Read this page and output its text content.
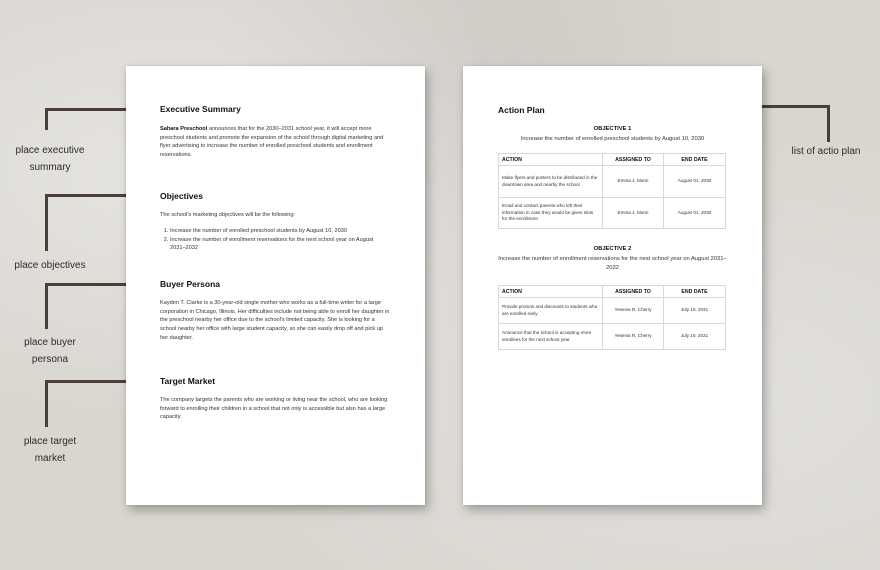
place executive
summary
place objectives
place buyer
persona
place target
market
list of actio plan
Executive Summary
Sahara Preschool announces that for the 2030–2031 school year, it will accept more preschool students and promote the expansion of the school through digital marketing and flyer advertising to increase the number of enrolled preschool students and enrollment reservations.
Objectives
The school's marketing objectives will be the following:
1. Increase the number of enrolled preschool students by August 10, 2030
2. Increase the number of enrollment reservations for the next school year on August 2031–2032
Buyer Persona
Kayden T. Clarke is a 30-year-old single mother who works as a full-time writer for a large corporation in Chicago, Illinois. Her difficulties include not being able to enroll her daughter in the preschool nearby her office due to the school's limited capacity. She is looking for a school nearby her office with large student capacity, so she can easily drop off and pick up her daughter.
Target Market
The company targets the parents who are working or living near the school, who are looking forward to enrolling their children in a school that not only is accessible but also has a large capacity.
Action Plan
OBJECTIVE 1
Increase the number of enrolled preschool students by August 10, 2030
ACTION	ASSIGNED TO	END DATE
Make flyers and posters to be distributed in the downtown area and nearby the school	Emma J. Morin	August 01, 2030
Email and contact parents who left their information in case they would be given slots for the enrollment	Emma J. Morin	August 01, 2030
OBJECTIVE 2
Increase the number of enrollment reservations for the next school year on August 2031–2032
ACTION	ASSIGNED TO	END DATE
Provide promos and discounts to students who are enrolled early	Yesenia R. Cherry	July 10, 2031
Announce that the school is accepting more enrollees for the next school year	Yesenia R. Cherry	July 10, 2031
